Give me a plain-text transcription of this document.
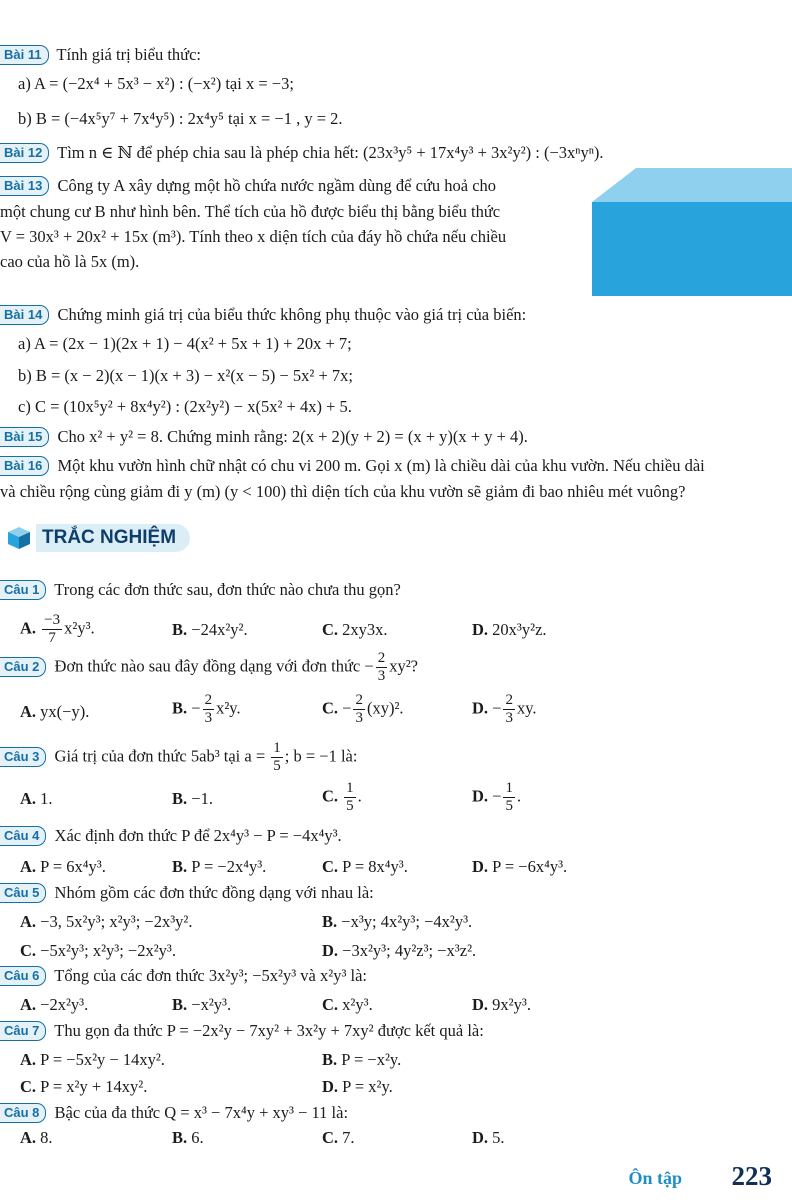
Bài 11 Tính giá trị biểu thức:
a) A = (−2x⁴ + 5x³ − x²) : (−x²) tại x = −3;
b) B = (−4x⁵y⁷ + 7x⁴y⁵) : 2x⁴y⁵ tại x = −1 , y = 2.
Bài 12 Tìm n ∈ ℕ để phép chia sau là phép chia hết: (23x³y⁵ + 17x⁴y³ + 3x²y²) : (−3xⁿyⁿ).
Bài 13 Công ty A xây dựng một hồ chứa nước ngầm dùng để cứu hoả cho
một chung cư B như hình bên. Thể tích của hồ được biểu thị bằng biểu thức
V = 30x³ + 20x² + 15x (m³). Tính theo x diện tích của đáy hồ chứa nếu chiều
cao của hồ là 5x (m).
Bài 14 Chứng minh giá trị của biểu thức không phụ thuộc vào giá trị của biến:
a) A = (2x − 1)(2x + 1) − 4(x² + 5x + 1) + 20x + 7;
b) B = (x − 2)(x − 1)(x + 3) − x²(x − 5) − 5x² + 7x;
c) C = (10x⁵y² + 8x⁴y²) : (2x²y²) − x(5x² + 4x) + 5.
Bài 15 Cho x² + y² = 8. Chứng minh rằng: 2(x + 2)(y + 2) = (x + y)(x + y + 4).
Bài 16 Một khu vườn hình chữ nhật có chu vi 200 m. Gọi x (m) là chiều dài của khu vườn. Nếu chiều dài
và chiều rộng cùng giảm đi y (m) (y < 100) thì diện tích của khu vườn sẽ giảm đi bao nhiêu mét vuông?
TRẮC NGHIỆM
Câu 1 Trong các đơn thức sau, đơn thức nào chưa thu gọn?
A. $\frac{-3}{7} x^2y^3$.	B. −24x²y².	C. 2xy3x.	D. 20x³y²z.
Câu 2 Đơn thức nào sau đây đồng dạng với đơn thức − $\frac{2}{3} xy^2$?
A. yx(−y).	B. − $\frac{2}{3} x^2y$.	C. − $\frac{2}{3} (xy)^2$.	D. − $\frac{2}{3}$ xy.
Câu 3 Giá trị của đơn thức 5ab³ tại $a = \frac{1}{5}$ ; b = −1 là:
A. 1.	B. −1.	C. $\frac{1}{5}$ .	D. − $\frac{1}{5}$ .
Câu 4 Xác định đơn thức P để 2x⁴y³ − P = −4x⁴y³.
A. P = 6x⁴y³.	B. P = −2x⁴y³.	C. P = 8x⁴y³.	D. P = −6x⁴y³.
Câu 5 Nhóm gồm các đơn thức đồng dạng với nhau là:
A. −3, 5x²y³; x²y³; −2x³y².	B. −x³y; 4x²y³; −4x²y³.
C. −5x²y³; x²y³; −2x²y³.	D. −3x²y³; 4y²z³; −x³z².
Câu 6 Tổng của các đơn thức 3x²y³; −5x²y³ và x²y³ là:
A. −2x²y³.	B. −x²y³.	C. x²y³.	D. 9x²y³.
Câu 7 Thu gọn đa thức P = −2x²y − 7xy² + 3x²y + 7xy² được kết quả là:
A. P = −5x²y − 14xy².	B. P = −x²y.
C. P = x²y + 14xy².	D. P = x²y.
Câu 8 Bậc của đa thức Q = x³ − 7x⁴y + xy³ − 11 là:
A. 8.	B. 6.	C. 7.	D. 5.
Ôn tập 223
